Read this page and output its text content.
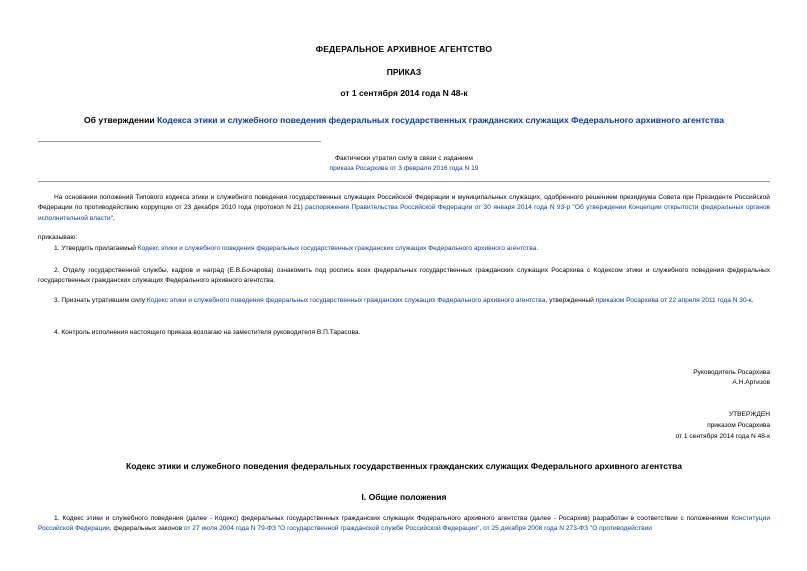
ФЕДЕРАЛЬНОЕ АРХИВНОЕ АГЕНТСТВО
ПРИКАЗ
от 1 сентября 2014 года N 48-к
Об утверждении Кодекса этики и служебного поведения федеральных государственных гражданских служащих Федерального архивного агентства
Фактически утратил силу в связи с изданием
приказа Росархива от 3 февраля 2016 года N 19
На основании положений Типового кодекса этики и служебного поведения государственных служащих Российской Федерации и муниципальных служащих, одобренного решением президиума Совета при Президенте Российской Федерации по противодействию коррупции от 23 декабря 2010 года (протокол N 21) распоряжения Правительства Российской Федерации от 30 января 2014 года N 93-р "Об утверждении Концепции открытости федеральных органов исполнительной власти",
приказываю:
1. Утвердить прилагаемый Кодекс этики и служебного поведения федеральных государственных гражданских служащих Федерального архивного агентства.
2. Отделу государственной службы, кадров и наград (Е.В.Бочарова) ознакомить под роспись всех федеральных государственных гражданских служащих Росархива с Кодексом этики и служебного поведения федеральных государственных гражданских служащих Федерального архивного агентства.
3. Признать утратившим силу Кодекс этики и служебного поведения федеральных государственных гражданских служащих Федерального архивного агентства, утвержденный приказом Росархива от 22 апреля 2011 года N 30-к.
4. Контроль исполнения настоящего приказа возлагаю на заместителя руководителя В.П.Тарасова.
Руководитель Росархива
А.Н.Артизов
УТВЕРЖДЕН
приказом Росархива
от 1 сентября 2014 года N 48-к
Кодекс этики и служебного поведения федеральных государственных гражданских служащих Федерального архивного агентства
I. Общие положения
1. Кодекс этики и служебного поведения (далее - Кодекс) федеральных государственных гражданских служащих Федерального архивного агентства (далее - Росархив) разработан в соответствии с положениями Конституции Российской Федерации, федеральных законов от 27 июля 2004 года N 79-ФЗ "О государственной гражданской службе Российской Федерации", от 25 декабря 2008 года N 273-ФЗ "О противодействии
